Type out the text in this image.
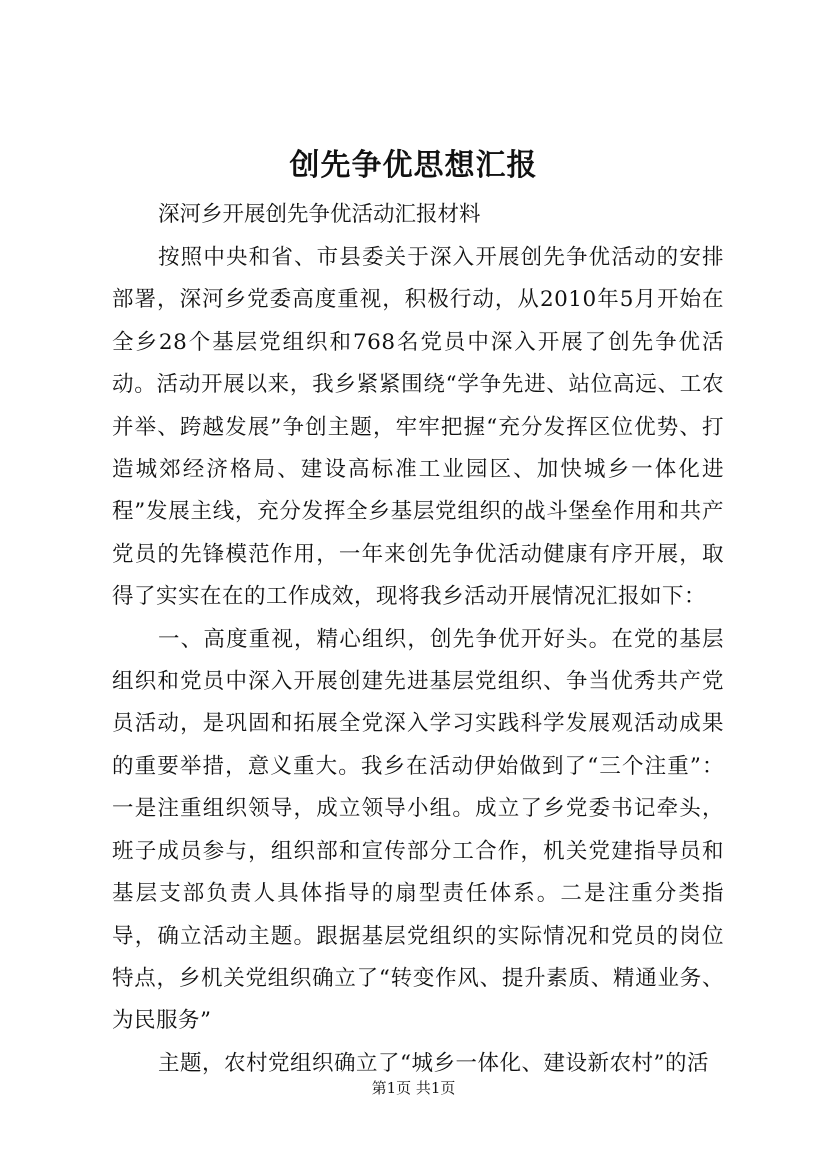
创先争优思想汇报
深河乡开展创先争优活动汇报材料

按照中央和省、市县委关于深入开展创先争优活动的安排部署，深河乡党委高度重视，积极行动，从2010年5月开始在全乡28个基层党组织和768名党员中深入开展了创先争优活动。活动开展以来，我乡紧紧围绕“学争先进、站位高远、工农并举、跨越发展”争创主题，牢牢把握“充分发挥区位优势、打造城郊经济格局、建设高标准工业园区、加快城乡一体化进程”发展主线，充分发挥全乡基层党组织的战斗堡垒作用和共产党员的先锋模范作用，一年来创先争优活动健康有序开展，取得了实实在在的工作成效，现将我乡活动开展情况汇报如下：

一、高度重视，精心组织，创先争优开好头。在党的基层组织和党员中深入开展创建先进基层党组织、争当优秀共产党员活动，是巩固和拓展全党深入学习实践科学发展观活动成果的重要举措，意义重大。我乡在活动伊始做到了“三个注重”：一是注重组织领导，成立领导小组。成立了乡党委书记牵头，班子成员参与，组织部和宣传部分工合作，机关党建指导员和基层支部负责人具体指导的扇型责任体系。二是注重分类指导，确立活动主题。跟据基层党组织的实际情况和党员的岗位特点，乡机关党组织确立了“转变作风、提升素质、精通业务、为民服务”

主题，农村党组织确立了“城乡一体化、建设新农村”的活

第1页 共1页
